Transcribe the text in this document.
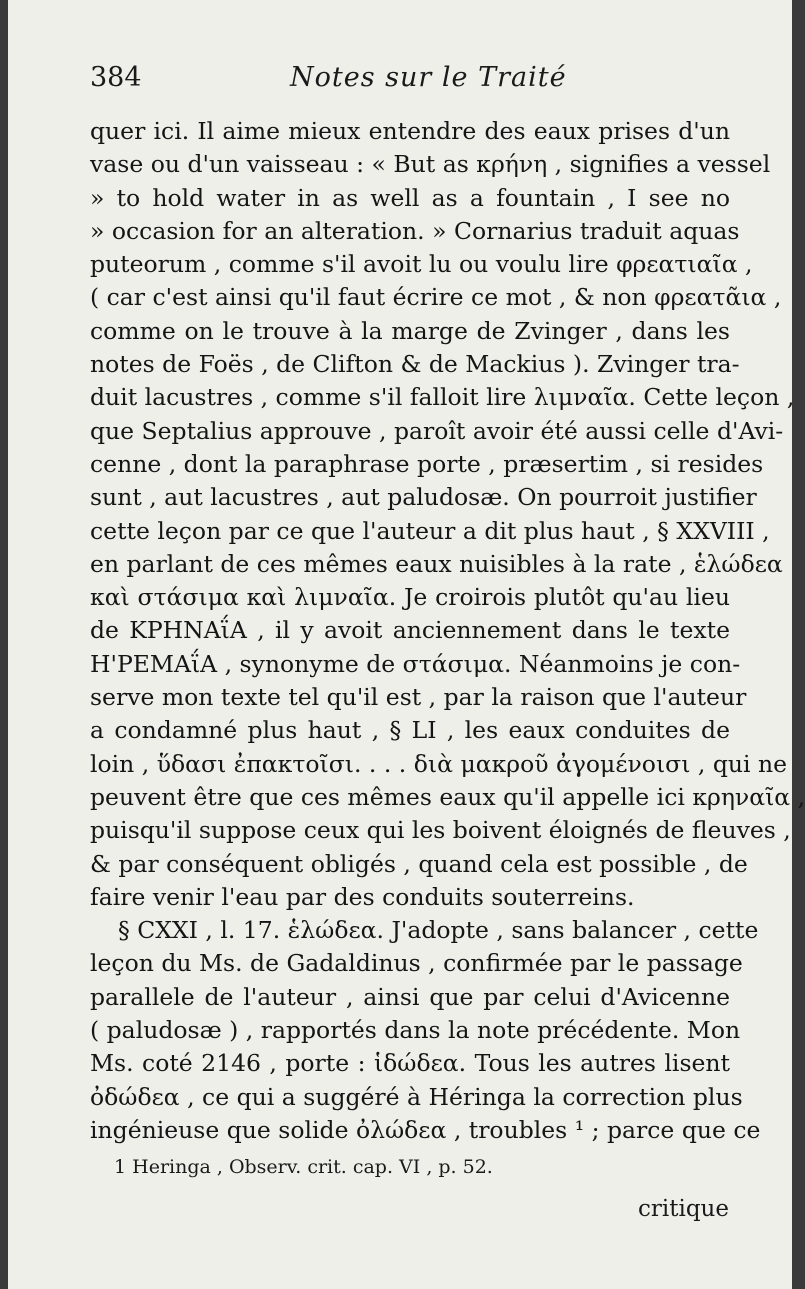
384	Notes sur le Traité
quer ici. Il aime mieux entendre des eaux prises d'un
vase ou d'un vaisseau : « But as κρήνη , signifies a vessel
» to hold water in as well as a fountain , I see no
» occasion for an alteration. » Cornarius traduit aquas
puteorum , comme s'il avoit lu ou voulu lire φρεατιαῖα ,
( car c'est ainsi qu'il faut écrire ce mot , & non φρεατᾶια ,
comme on le trouve à la marge de Zvinger , dans les
notes de Foës , de Clifton & de Mackius ). Zvinger tra-
duit lacustres , comme s'il falloit lire λιμναῖα. Cette leçon ,
que Septalius approuve , paroît avoir été aussi celle d'Avi-
cenne , dont la paraphrase porte , præsertim , si resides
sunt , aut lacustres , aut paludosæ. On pourroit justifier
cette leçon par ce que l'auteur a dit plus haut , § XXVIII ,
en parlant de ces mêmes eaux nuisibles à la rate , ἑλώδεα
καὶ στάσιμα καὶ λιμναῖα. Je croirois plutôt qu'au lieu
de ΚΡΗΝΑΐΑ , il y avoit anciennement dans le texte
Η'ΡΕΜΑΐΑ , synonyme de στάσιμα. Néanmoins je con-
serve mon texte tel qu'il est , par la raison que l'auteur
a condamné plus haut , § LI , les eaux conduites de
loin , ὕδασι ἐπακτοῖσι. . . . διὰ μακροῦ ἀγομένοισι , qui ne
peuvent être que ces mêmes eaux qu'il appelle ici κρηναῖα ,
puisqu'il suppose ceux qui les boivent éloignés de fleuves ,
& par conséquent obligés , quand cela est possible , de
faire venir l'eau par des conduits souterreins.
§ CXXI , l. 17. ἑλώδεα. J'adopte , sans balancer , cette
leçon du Ms. de Gadaldinus , confirmée par le passage
parallele de l'auteur , ainsi que par celui d'Avicenne
( paludosæ ) , rapportés dans la note précédente. Mon
Ms. coté 2146 , porte : ἱδώδεα. Tous les autres lisent
ὀδώδεα , ce qui a suggéré à Héringa la correction plus
ingénieuse que solide ὀλώδεα , troubles ¹ ; parce que ce
1 Heringa , Observ. crit. cap. VI , p. 52.
critique
